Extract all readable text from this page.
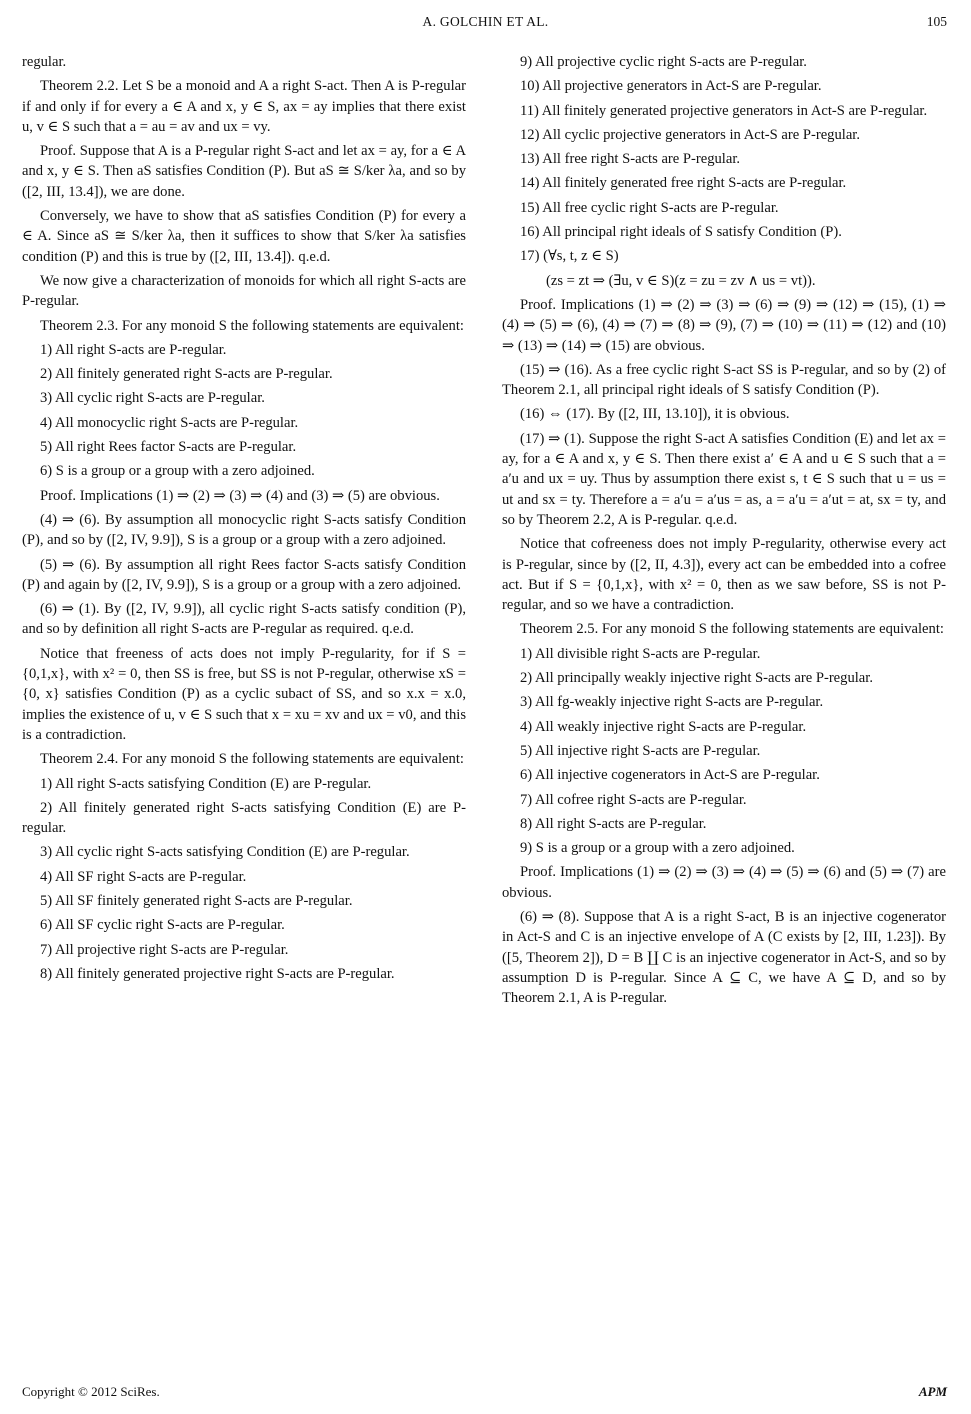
A. GOLCHIN ET AL.	105

regular.

Theorem 2.2. Let S be a monoid and A a right S-act. Then A is P-regular if and only if for every a ∈ A and x, y ∈ S, ax = ay implies that there exist u, v ∈ S such that a = au = av and ux = vy.

Proof. Suppose that A is a P-regular right S-act and let ax = ay, for a ∈ A and x, y ∈ S. Then aS satisfies Condition (P). But aS ≅ S/ker λa, and so by ([2, III, 13.4]), we are done.

Conversely, we have to show that aS satisfies Condition (P) for every a ∈ A. Since aS ≅ S/ker λa, then it suffices to show that S/ker λa satisfies condition (P) and this is true by ([2, III, 13.4]). q.e.d.

We now give a characterization of monoids for which all right S-acts are P-regular.

Theorem 2.3. For any monoid S the following statements are equivalent:

1) All right S-acts are P-regular.

2) All finitely generated right S-acts are P-regular.

3) All cyclic right S-acts are P-regular.

4) All monocyclic right S-acts are P-regular.

5) All right Rees factor S-acts are P-regular.

6) S is a group or a group with a zero adjoined.

Proof. Implications (1) ⇒ (2) ⇒ (3) ⇒ (4) and (3) ⇒ (5) are obvious.

(4) ⇒ (6). By assumption all monocyclic right S-acts satisfy Condition (P), and so by ([2, IV, 9.9]), S is a group or a group with a zero adjoined.

(5) ⇒ (6). By assumption all right Rees factor S-acts satisfy Condition (P) and again by ([2, IV, 9.9]), S is a group or a group with a zero adjoined.

(6) ⇒ (1). By ([2, IV, 9.9]), all cyclic right S-acts satisfy condition (P), and so by definition all right S-acts are P-regular as required. q.e.d.

Notice that freeness of acts does not imply P-regularity, for if S = {0,1,x}, with x² = 0, then SS is free, but SS is not P-regular, otherwise xS = {0, x} satisfies Condition (P) as a cyclic subact of SS, and so x.x = x.0, implies the existence of u, v ∈ S such that x = xu = xv and ux = v0, and this is a contradiction.

Theorem 2.4. For any monoid S the following statements are equivalent:

1) All right S-acts satisfying Condition (E) are P-regular.

2) All finitely generated right S-acts satisfying Condition (E) are P-regular.

3) All cyclic right S-acts satisfying Condition (E) are P-regular.

4) All SF right S-acts are P-regular.

5) All SF finitely generated right S-acts are P-regular.

6) All SF cyclic right S-acts are P-regular.

7) All projective right S-acts are P-regular.

8) All finitely generated projective right S-acts are P-regular.

9) All projective cyclic right S-acts are P-regular.

10) All projective generators in Act-S are P-regular.

11) All finitely generated projective generators in Act-S are P-regular.

12) All cyclic projective generators in Act-S are P-regular.

13) All free right S-acts are P-regular.

14) All finitely generated free right S-acts are P-regular.

15) All free cyclic right S-acts are P-regular.

16) All principal right ideals of S satisfy Condition (P).

17) (∀s, t, z ∈ S)

(zs = zt ⇒ (∃u, v ∈ S)(z = zu = zv ∧ us = vt)).

Proof. Implications (1) ⇒ (2) ⇒ (3) ⇒ (6) ⇒ (9) ⇒ (12) ⇒ (15), (1) ⇒ (4) ⇒ (5) ⇒ (6), (4) ⇒ (7) ⇒ (8) ⇒ (9), (7) ⇒ (10) ⇒ (11) ⇒ (12) and (10) ⇒ (13) ⇒ (14) ⇒ (15) are obvious.

(15) ⇒ (16). As a free cyclic right S-act SS is P-regular, and so by (2) of Theorem 2.1, all principal right ideals of S satisfy Condition (P).

(16) ⇔ (17). By ([2, III, 13.10]), it is obvious.

(17) ⇒ (1). Suppose the right S-act A satisfies Condition (E) and let ax = ay, for a ∈ A and x, y ∈ S. Then there exist a′ ∈ A and u ∈ S such that a = a′u and ux = uy. Thus by assumption there exist s, t ∈ S such that u = us = ut and sx = ty. Therefore a = a′u = a′us = as, a = a′u = a′ut = at, sx = ty, and so by Theorem 2.2, A is P-regular. q.e.d.

Notice that cofreeness does not imply P-regularity, otherwise every act is P-regular, since by ([2, II, 4.3]), every act can be embedded into a cofree act. But if S = {0,1,x}, with x² = 0, then as we saw before, SS is not P-regular, and so we have a contradiction.

Theorem 2.5. For any monoid S the following statements are equivalent:

1) All divisible right S-acts are P-regular.

2) All principally weakly injective right S-acts are P-regular.

3) All fg-weakly injective right S-acts are P-regular.

4) All weakly injective right S-acts are P-regular.

5) All injective right S-acts are P-regular.

6) All injective cogenerators in Act-S are P-regular.

7) All cofree right S-acts are P-regular.

8) All right S-acts are P-regular.

9) S is a group or a group with a zero adjoined.

Proof. Implications (1) ⇒ (2) ⇒ (3) ⇒ (4) ⇒ (5) ⇒ (6) and (5) ⇒ (7) are obvious.

(6) ⇒ (8). Suppose that A is a right S-act, B is an injective cogenerator in Act-S and C is an injective envelope of A (C exists by [2, III, 1.23]). By ([5, Theorem 2]), D = B ∐ C is an injective cogenerator in Act-S, and so by assumption D is P-regular. Since A ⊆ C, we have A ⊆ D, and so by Theorem 2.1, A is P-regular.

Copyright © 2012 SciRes.	APM
